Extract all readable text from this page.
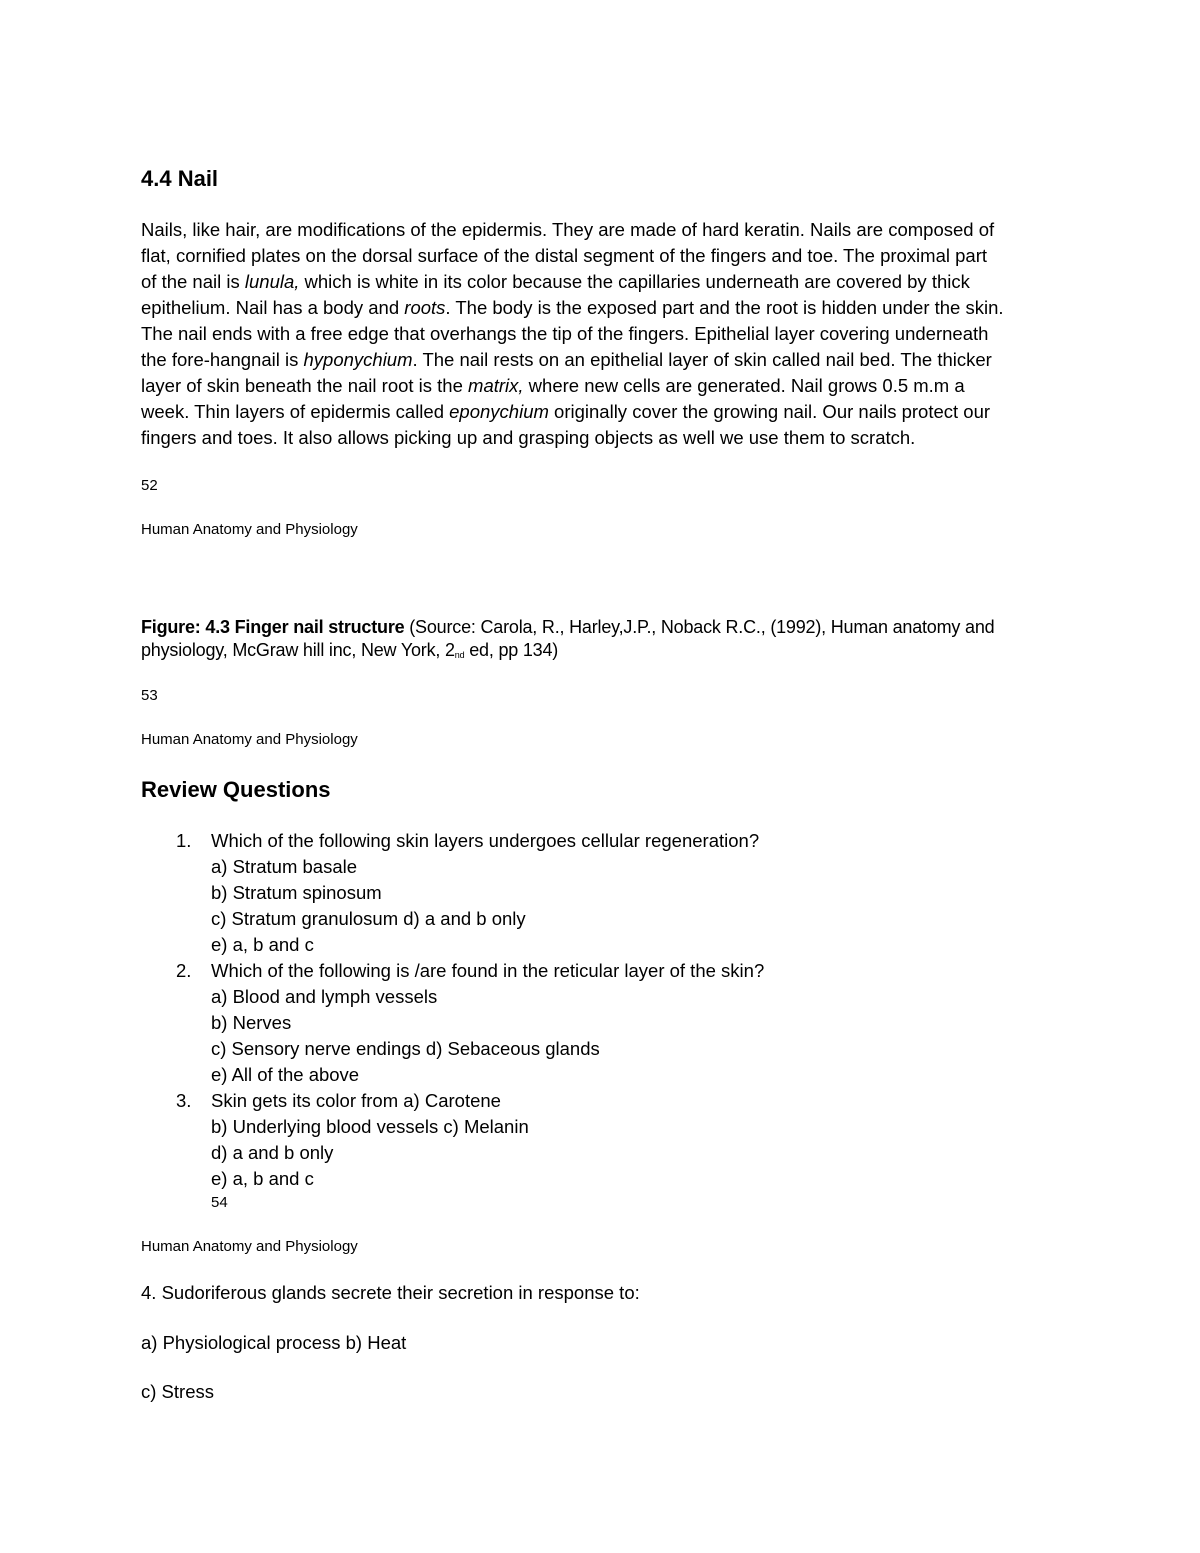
4.4 Nail
Nails, like hair, are modifications of the epidermis. They are made of hard keratin. Nails are composed of
flat, cornified plates on the dorsal surface of the distal segment of the fingers and toe. The proximal part
of the nail is lunula, which is white in its color because the capillaries underneath are covered by thick
epithelium. Nail has a body and roots. The body is the exposed part and the root is hidden under the skin.
The nail ends with a free edge that overhangs the tip of the fingers. Epithelial layer covering underneath
the fore-hangnail is hyponychium. The nail rests on an epithelial layer of skin called nail bed. The thicker
layer of skin beneath the nail root is the matrix, where new cells are generated. Nail grows 0.5 m.m a
week. Thin layers of epidermis called eponychium originally cover the growing nail. Our nails protect our
fingers and toes. It also allows picking up and grasping objects as well we use them to scratch.
52
Human Anatomy and Physiology
Figure: 4.3 Finger nail structure (Source: Carola, R., Harley,J.P., Noback R.C., (1992), Human anatomy and
physiology, McGraw hill inc, New York, $2_{nd}$ ed, pp 134)
53
Human Anatomy and Physiology
Review Questions
1. Which of the following skin layers undergoes cellular regeneration?
a) Stratum basale
b) Stratum spinosum
c) Stratum granulosum d) a and b only
e) a, b and c
2. Which of the following is /are found in the reticular layer of the skin?
a) Blood and lymph vessels
b) Nerves
c) Sensory nerve endings d) Sebaceous glands
e) All of the above
3. Skin gets its color from a) Carotene
b) Underlying blood vessels c) Melanin
d) a and b only
e) a, b and c
54
Human Anatomy and Physiology
4. Sudoriferous glands secrete their secretion in response to:
a) Physiological process b) Heat
c) Stress
